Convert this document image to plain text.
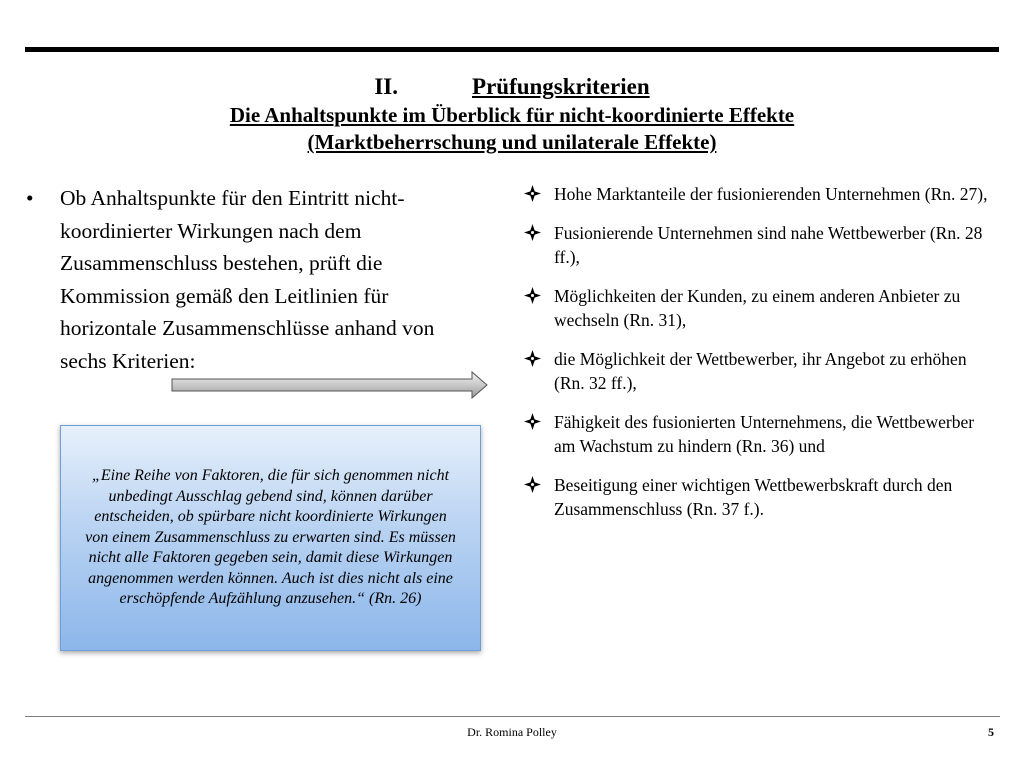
II.	Prüfungskriterien
Die Anhaltspunkte im Überblick für nicht-koordinierte Effekte
(Marktbeherrschung und unilaterale Effekte)
• Ob Anhaltspunkte für den Eintritt nicht-koordinierter Wirkungen nach dem Zusammenschluss bestehen, prüft die Kommission gemäß den Leitlinien für horizontale Zusammenschlüsse anhand von sechs Kriterien:
„Eine Reihe von Faktoren, die für sich genommen nicht unbedingt Ausschlag gebend sind, können darüber entscheiden, ob spürbare nicht koordinierte Wirkungen von einem Zusammenschluss zu erwarten sind. Es müssen nicht alle Faktoren gegeben sein, damit diese Wirkungen angenommen werden können. Auch ist dies nicht als eine erschöpfende Aufzählung anzusehen.“ (Rn. 26)
Hohe Marktanteile der fusionierenden Unternehmen (Rn. 27),
Fusionierende Unternehmen sind nahe Wettbewerber (Rn. 28 ff.),
Möglichkeiten der Kunden, zu einem anderen Anbieter zu wechseln (Rn. 31),
die Möglichkeit der Wettbewerber, ihr Angebot zu erhöhen (Rn. 32 ff.),
Fähigkeit des fusionierten Unternehmens, die Wettbewerber am Wachstum zu hindern (Rn. 36) und
Beseitigung einer wichtigen Wettbewerbskraft durch den Zusammenschluss (Rn. 37 f.).
Dr. Romina Polley	5
